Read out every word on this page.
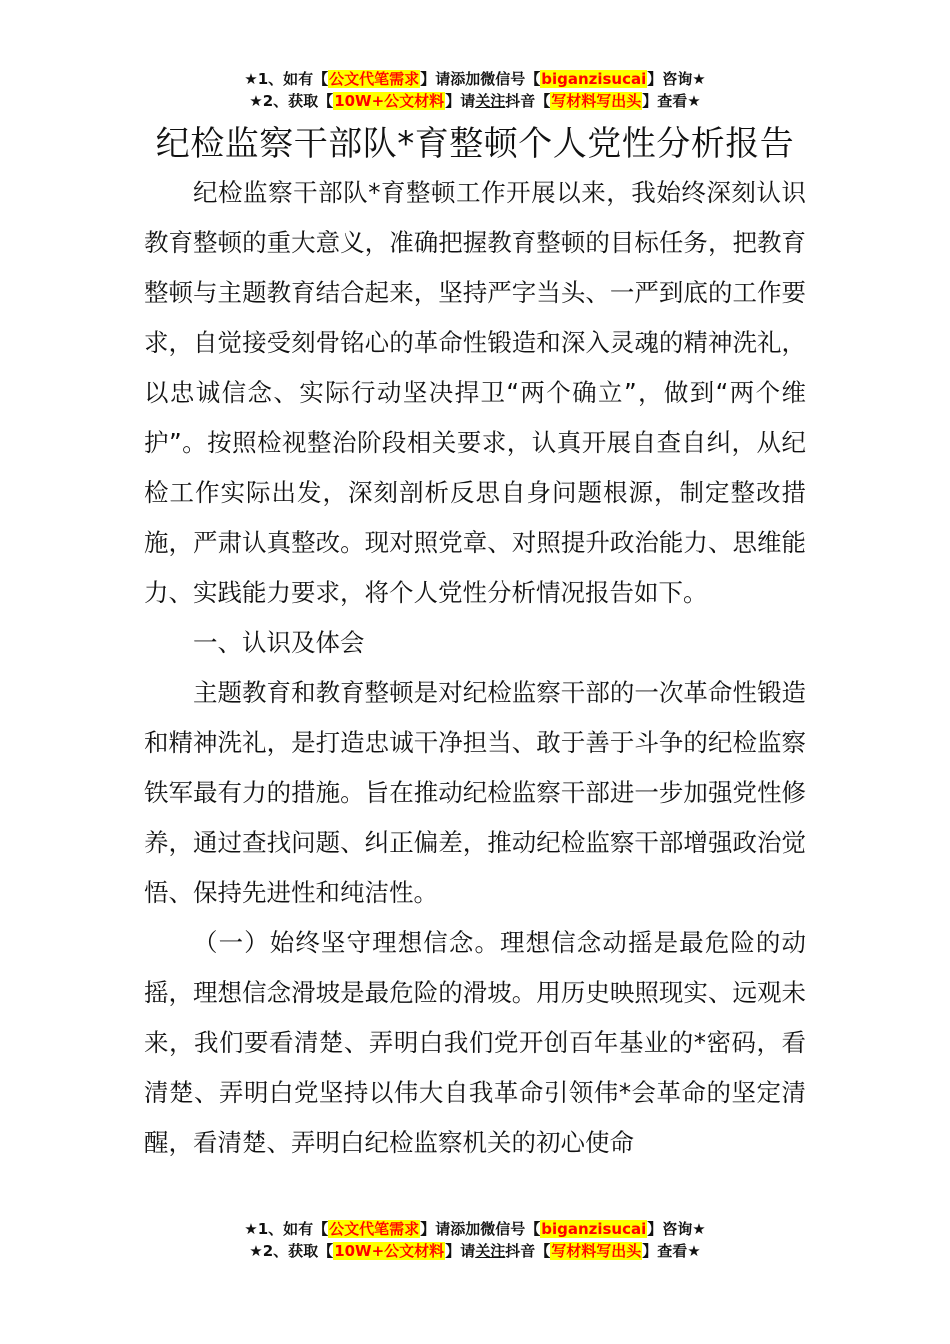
★1、如有【公文代笔需求】请添加微信号【biganzisucai】咨询★
★2、获取【10W+公文材料】请关注抖音【写材料写出头】查看★
纪检监察干部队*育整顿个人党性分析报告

纪检监察干部队*育整顿工作开展以来，我始终深刻认识教育整顿的重大意义，准确把握教育整顿的目标任务，把教育整顿与主题教育结合起来，坚持严字当头、一严到底的工作要求，自觉接受刻骨铭心的革命性锻造和深入灵魂的精神洗礼，以忠诚信念、实际行动坚决捍卫“两个确立”，做到“两个维护”。按照检视整治阶段相关要求，认真开展自查自纠，从纪检工作实际出发，深刻剖析反思自身问题根源，制定整改措施，严肃认真整改。现对照党章、对照提升政治能力、思维能力、实践能力要求，将个人党性分析情况报告如下。

一、认识及体会

主题教育和教育整顿是对纪检监察干部的一次革命性锻造和精神洗礼，是打造忠诚干净担当、敢于善于斗争的纪检监察铁军最有力的措施。旨在推动纪检监察干部进一步加强党性修养，通过查找问题、纠正偏差，推动纪检监察干部增强政治觉悟、保持先进性和纯洁性。

（一）始终坚守理想信念。理想信念动摇是最危险的动摇，理想信念滑坡是最危险的滑坡。用历史映照现实、远观未来，我们要看清楚、弄明白我们党开创百年基业的*密码，看清楚、弄明白党坚持以伟大自我革命引领伟*会革命的坚定清醒，看清楚、弄明白纪检监察机关的初心使命

★1、如有【公文代笔需求】请添加微信号【biganzisucai】咨询★
★2、获取【10W+公文材料】请关注抖音【写材料写出头】查看★
